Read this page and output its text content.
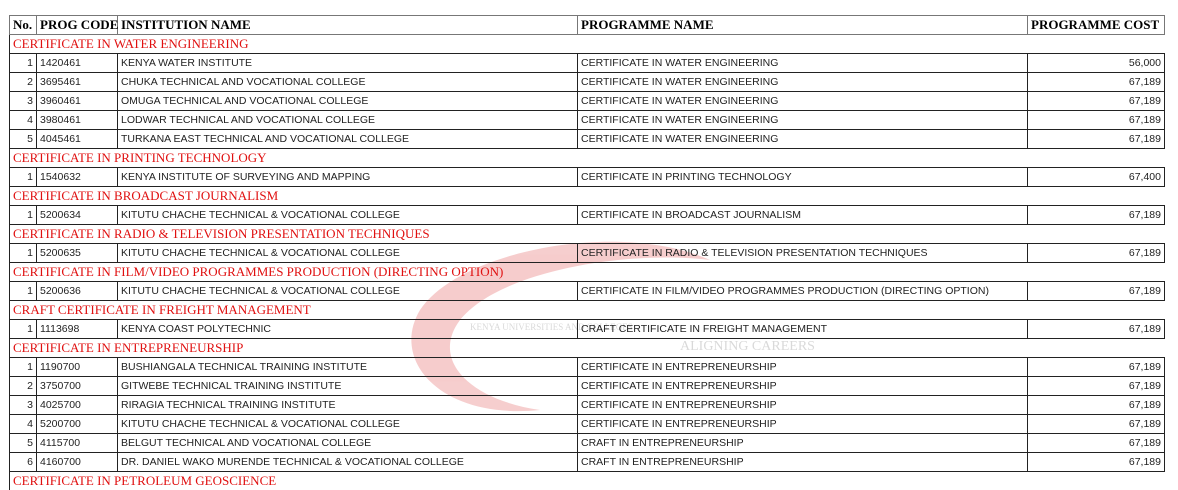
KENYA UNIVERSITIES AND COLLEGES
ALIGNING CAREERS
No.	PROG CODE	INSTITUTION NAME	PROGRAMME NAME	PROGRAMME COST
CERTIFICATE IN WATER ENGINEERING				
1	1420461	KENYA WATER INSTITUTE	CERTIFICATE IN WATER ENGINEERING	56,000
2	3695461	CHUKA TECHNICAL AND VOCATIONAL COLLEGE	CERTIFICATE IN WATER ENGINEERING	67,189
3	3960461	OMUGA TECHNICAL AND VOCATIONAL COLLEGE	CERTIFICATE IN WATER ENGINEERING	67,189
4	3980461	LODWAR TECHNICAL AND VOCATIONAL COLLEGE	CERTIFICATE IN WATER ENGINEERING	67,189
5	4045461	TURKANA EAST TECHNICAL AND VOCATIONAL COLLEGE	CERTIFICATE IN WATER ENGINEERING	67,189
CERTIFICATE IN PRINTING TECHNOLOGY				
1	1540632	KENYA INSTITUTE OF SURVEYING AND MAPPING	CERTIFICATE IN PRINTING TECHNOLOGY	67,400
CERTIFICATE IN BROADCAST JOURNALISM				
1	5200634	KITUTU CHACHE TECHNICAL & VOCATIONAL COLLEGE	CERTIFICATE IN BROADCAST JOURNALISM	67,189
CERTIFICATE IN RADIO & TELEVISION PRESENTATION TECHNIQUES				
1	5200635	KITUTU CHACHE TECHNICAL & VOCATIONAL COLLEGE	CERTIFICATE IN RADIO & TELEVISION PRESENTATION TECHNIQUES	67,189
CERTIFICATE IN FILM/VIDEO PROGRAMMES PRODUCTION (DIRECTING OPTION)				
1	5200636	KITUTU CHACHE TECHNICAL & VOCATIONAL COLLEGE	CERTIFICATE IN FILM/VIDEO PROGRAMMES PRODUCTION (DIRECTING OPTION)	67,189
CRAFT CERTIFICATE IN FREIGHT MANAGEMENT				
1	1113698	KENYA COAST POLYTECHNIC	CRAFT CERTIFICATE IN FREIGHT MANAGEMENT	67,189
CERTIFICATE IN ENTREPRENEURSHIP				
1	1190700	BUSHIANGALA TECHNICAL TRAINING INSTITUTE	CERTIFICATE IN ENTREPRENEURSHIP	67,189
2	3750700	GITWEBE TECHNICAL TRAINING INSTITUTE	CERTIFICATE IN ENTREPRENEURSHIP	67,189
3	4025700	RIRAGIA TECHNICAL TRAINING INSTITUTE	CERTIFICATE IN ENTREPRENEURSHIP	67,189
4	5200700	KITUTU CHACHE TECHNICAL & VOCATIONAL COLLEGE	CERTIFICATE IN ENTREPRENEURSHIP	67,189
5	4115700	BELGUT TECHNICAL AND VOCATIONAL COLLEGE	CRAFT IN ENTREPRENEURSHIP	67,189
6	4160700	DR. DANIEL WAKO MURENDE TECHNICAL & VOCATIONAL COLLEGE	CRAFT IN ENTREPRENEURSHIP	67,189
CERTIFICATE IN PETROLEUM GEOSCIENCE				
